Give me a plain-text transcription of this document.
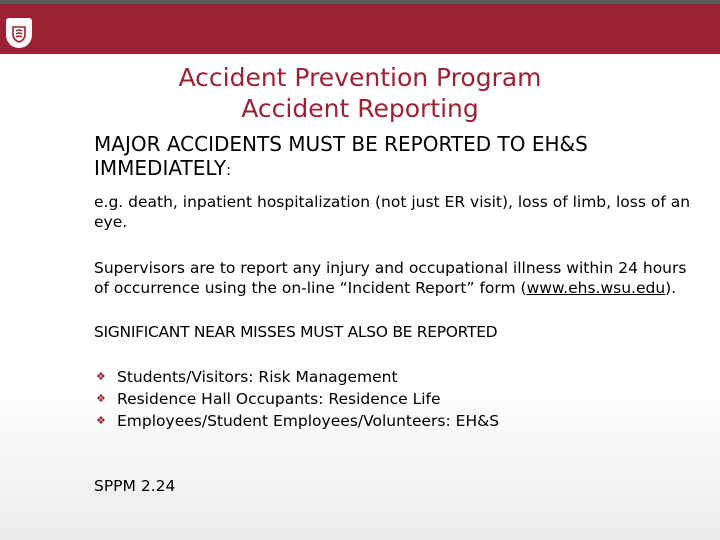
Accident Prevention Program
Accident Reporting
MAJOR ACCIDENTS MUST BE REPORTED TO EH&S IMMEDIATELY:
e.g. death, inpatient hospitalization (not just ER visit), loss of limb, loss of an eye.
Supervisors are to report any injury and occupational illness within 24 hours of occurrence using the on-line “Incident Report” form (www.ehs.wsu.edu).
SIGNIFICANT NEAR MISSES MUST ALSO BE REPORTED
❖ Students/Visitors: Risk Management
❖ Residence Hall Occupants: Residence Life
❖ Employees/Student Employees/Volunteers: EH&S
SPPM 2.24
